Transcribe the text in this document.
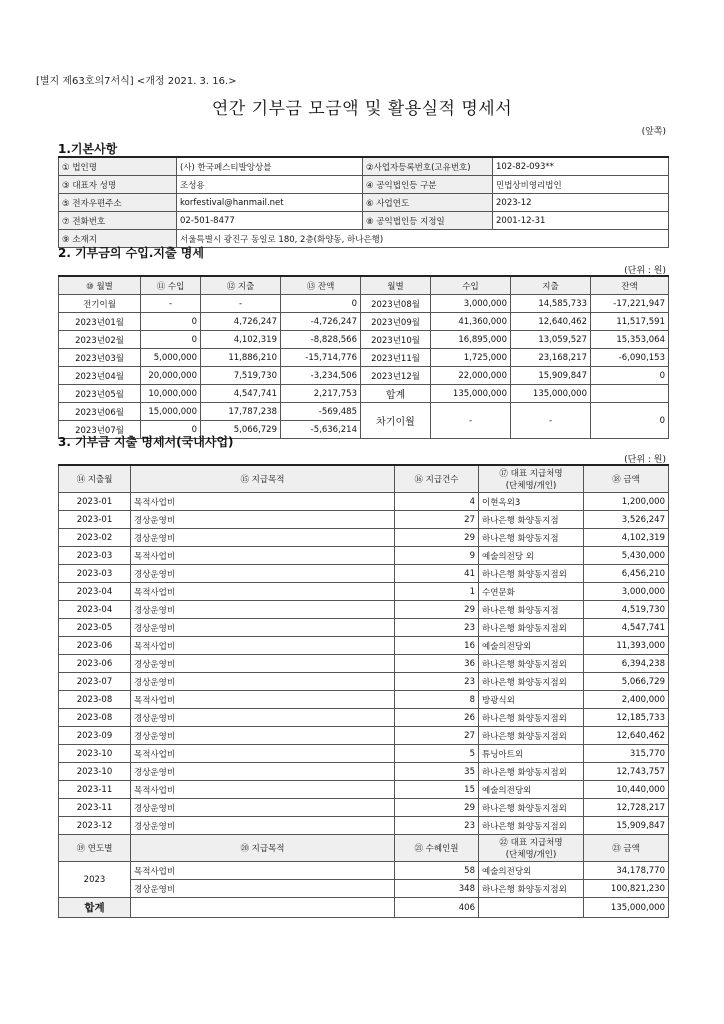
[별지 제63호의7서식] <개정 2021. 3. 16.>
연간 기부금 모금액 및 활용실적 명세서
(앞쪽)
1.기본사항
① 법인명	(사) 한국페스티발앙상블	②사업자등록번호(고유번호)	102-82-093**
③ 대표자 성명	조성용	④ 공익법인등 구분	민법상비영리법인
⑤ 전자우편주소	korfestival@hanmail.net	⑥ 사업연도	2023-12
⑦ 전화번호	02-501-8477	⑧ 공익법인등 지정일	2001-12-31
⑨ 소재지	서울특별시 광진구 동일로 180, 2층(화양동, 하나은행)		
2. 기부금의 수입.지출 명세
(단위 : 원)
⑩ 월별	⑪ 수입	⑫ 지출	⑬ 잔액	월별	수입	지출	잔액
전기이월	-	-	0	2023년08월	3,000,000	14,585,733	-17,221,947
2023년01월	0	4,726,247	-4,726,247	2023년09월	41,360,000	12,640,462	11,517,591
2023년02월	0	4,102,319	-8,828,566	2023년10월	16,895,000	13,059,527	15,353,064
2023년03월	5,000,000	11,886,210	-15,714,776	2023년11월	1,725,000	23,168,217	-6,090,153
2023년04월	20,000,000	7,519,730	-3,234,506	2023년12월	22,000,000	15,909,847	0
2023년05월	10,000,000	4,547,741	2,217,753	합계	135,000,000	135,000,000	
2023년06월	15,000,000	17,787,238	-569,485	차기이월	-	-	0
2023년07월	0	5,066,729	-5,636,214				
3. 기부금 지출 명세서(국내사업)
(단위 : 원)
⑭ 지출월	⑮ 지급목적	⑯ 지급건수	⑰ 대표 지급처명
(단체명/개인)	⑱ 금액
2023-01	목적사업비	4	이현옥외3	1,200,000
2023-01	경상운영비	27	하나은행 화양동지점	3,526,247
2023-02	경상운영비	29	하나은행 화양동지점	4,102,319
2023-03	목적사업비	9	예술의전당 외	5,430,000
2023-03	경상운영비	41	하나은행 화양동지점외	6,456,210
2023-04	목적사업비	1	수연문화	3,000,000
2023-04	경상운영비	29	하나은행 화양동지점	4,519,730
2023-05	경상운영비	23	하나은행 화양동지점외	4,547,741
2023-06	목적사업비	16	예술의전당외	11,393,000
2023-06	경상운영비	36	하나은행 화양동지점외	6,394,238
2023-07	경상운영비	23	하나은행 화양동지점외	5,066,729
2023-08	목적사업비	8	방광식외	2,400,000
2023-08	경상운영비	26	하나은행 화양동지점외	12,185,733
2023-09	경상운영비	27	하나은행 화양동지점외	12,640,462
2023-10	목적사업비	5	튜닝아트외	315,770
2023-10	경상운영비	35	하나은행 화양동지점외	12,743,757
2023-11	목적사업비	15	예술의전당외	10,440,000
2023-11	경상운영비	29	하나은행 화양동지점외	12,728,217
2023-12	경상운영비	23	하나은행 화양동지점외	15,909,847
⑲ 연도별	⑳ 지급목적	㉑ 수혜인원	㉒ 대표 지급처명
(단체명/개인)	㉓ 금액
2023	목적사업비	58	예술의전당외	34,178,770
	경상운영비	348	하나은행 화양동지점외	100,821,230
합계		406		135,000,000
